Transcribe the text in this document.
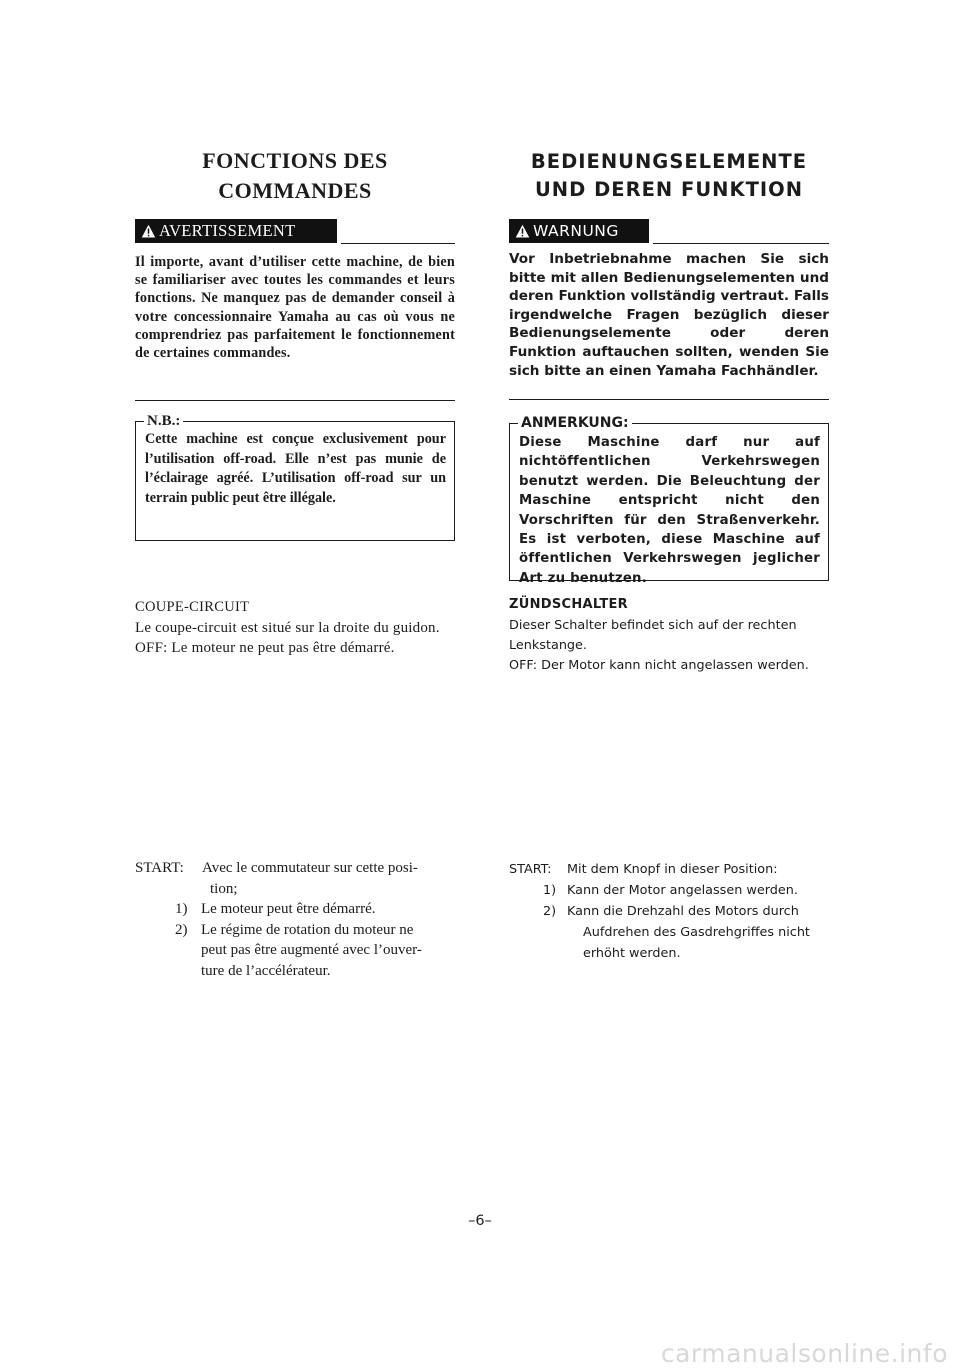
FONCTIONS DES
COMMANDES
AVERTISSEMENT

Il importe, avant d’utiliser cette machine, de bien se familiariser avec toutes les commandes et leurs fonctions. Ne manquez pas de demander conseil à votre concessionnaire Yamaha au cas où vous ne comprendriez pas parfaitement le fonctionnement de certaines commandes.

N.B.:

Cette machine est conçue exclusivement pour l’utilisation off-road. Elle n’est pas munie de l’éclairage agréé. L’utilisation off-road sur un terrain public peut être illégale.

COUPE-CIRCUIT

Le coupe-circuit est situé sur la droite du guidon.
OFF: Le moteur ne peut pas être démarré.

START:	Avec le commutateur sur cette posi-
tion;
1) Le moteur peut être démarré.
2) Le régime de rotation du moteur ne
peut pas être augmenté avec l’ouver-
ture de l’accélérateur.
BEDIENUNGSELEMENTE
UND DEREN FUNKTION
WARNUNG

Vor Inbetriebnahme machen Sie sich bitte mit allen Bedienungselementen und deren Funktion vollständig vertraut. Falls irgendwelche Fragen bezüglich dieser Bedienungselemente oder deren Funktion auftauchen sollten, wenden Sie sich bitte an einen Yamaha Fachhändler.

ANMERKUNG:

Diese Maschine darf nur auf nichtöffentlichen Verkehrswegen benutzt werden. Die Beleuchtung der Maschine entspricht nicht den Vorschriften für den Straßenverkehr. Es ist verboten, diese Maschine auf öffentlichen Verkehrswegen jeglicher Art zu benutzen.

ZÜNDSCHALTER

Dieser Schalter befindet sich auf der rechten Lenkstange.
OFF: Der Motor kann nicht angelassen werden.

START:	Mit dem Knopf in dieser Position:
1) Kann der Motor angelassen werden.
2) Kann die Drehzahl des Motors durch
Aufdrehen des Gasdrehgriffes nicht
erhöht werden.
–6–
carmanualsonline.info
